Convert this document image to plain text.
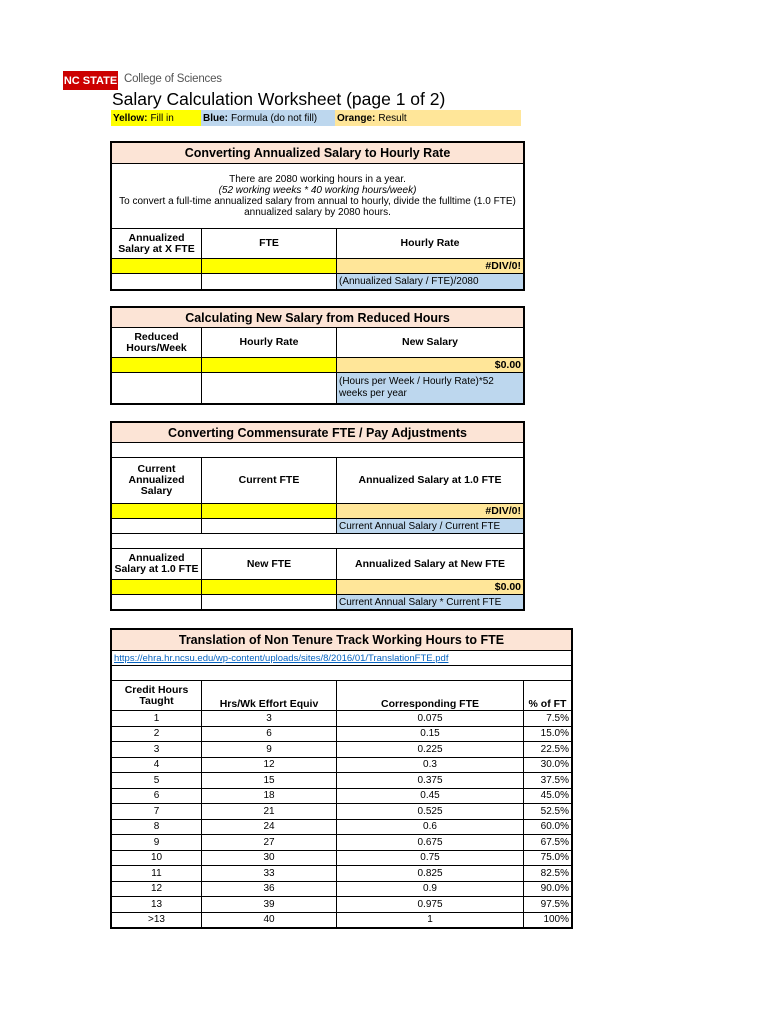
NC STATE College of Sciences
Salary Calculation Worksheet (page 1 of 2)
Yellow: Fill in	Blue: Formula (do not fill) Orange: Result
Converting Annualized Salary to Hourly Rate		

There are 2080 working hours in a year.
(52 working weeks * 40 working hours/week)
To convert a full-time annualized salary from annual to hourly, divide the fulltime (1.0 FTE) annualized salary by 2080 hours.		

Annualized Salary at X FTE	FTE	Hourly Rate
		#DIV/0!
		(Annualized Salary / FTE)/2080
Calculating New Salary from Reduced Hours		
Reduced Hours/Week	Hourly Rate	New Salary
		$0.00
		(Hours per Week / Hourly Rate)*52 weeks per year
Converting Commensurate FTE / Pay Adjustments		

Current Annualized Salary	Current FTE	Annualized Salary at 1.0 FTE
		#DIV/0!
		Current Annual Salary / Current FTE

Annualized Salary at 1.0 FTE	New FTE	Annualized Salary at New FTE
		$0.00
		Current Annual Salary * Current FTE
Translation of Non Tenure Track Working Hours to FTE			
https://ehra.hr.ncsu.edu/wp-content/uploads/sites/8/2016/01/TranslationFTE.pdf			

Credit Hours Taught	Hrs/Wk Effort Equiv	Corresponding FTE	% of FT
1	3	0.075	7.5%
2	6	0.15	15.0%
3	9	0.225	22.5%
4	12	0.3	30.0%
5	15	0.375	37.5%
6	18	0.45	45.0%
7	21	0.525	52.5%
8	24	0.6	60.0%
9	27	0.675	67.5%
10	30	0.75	75.0%
11	33	0.825	82.5%
12	36	0.9	90.0%
13	39	0.975	97.5%
>13	40	1	100%
